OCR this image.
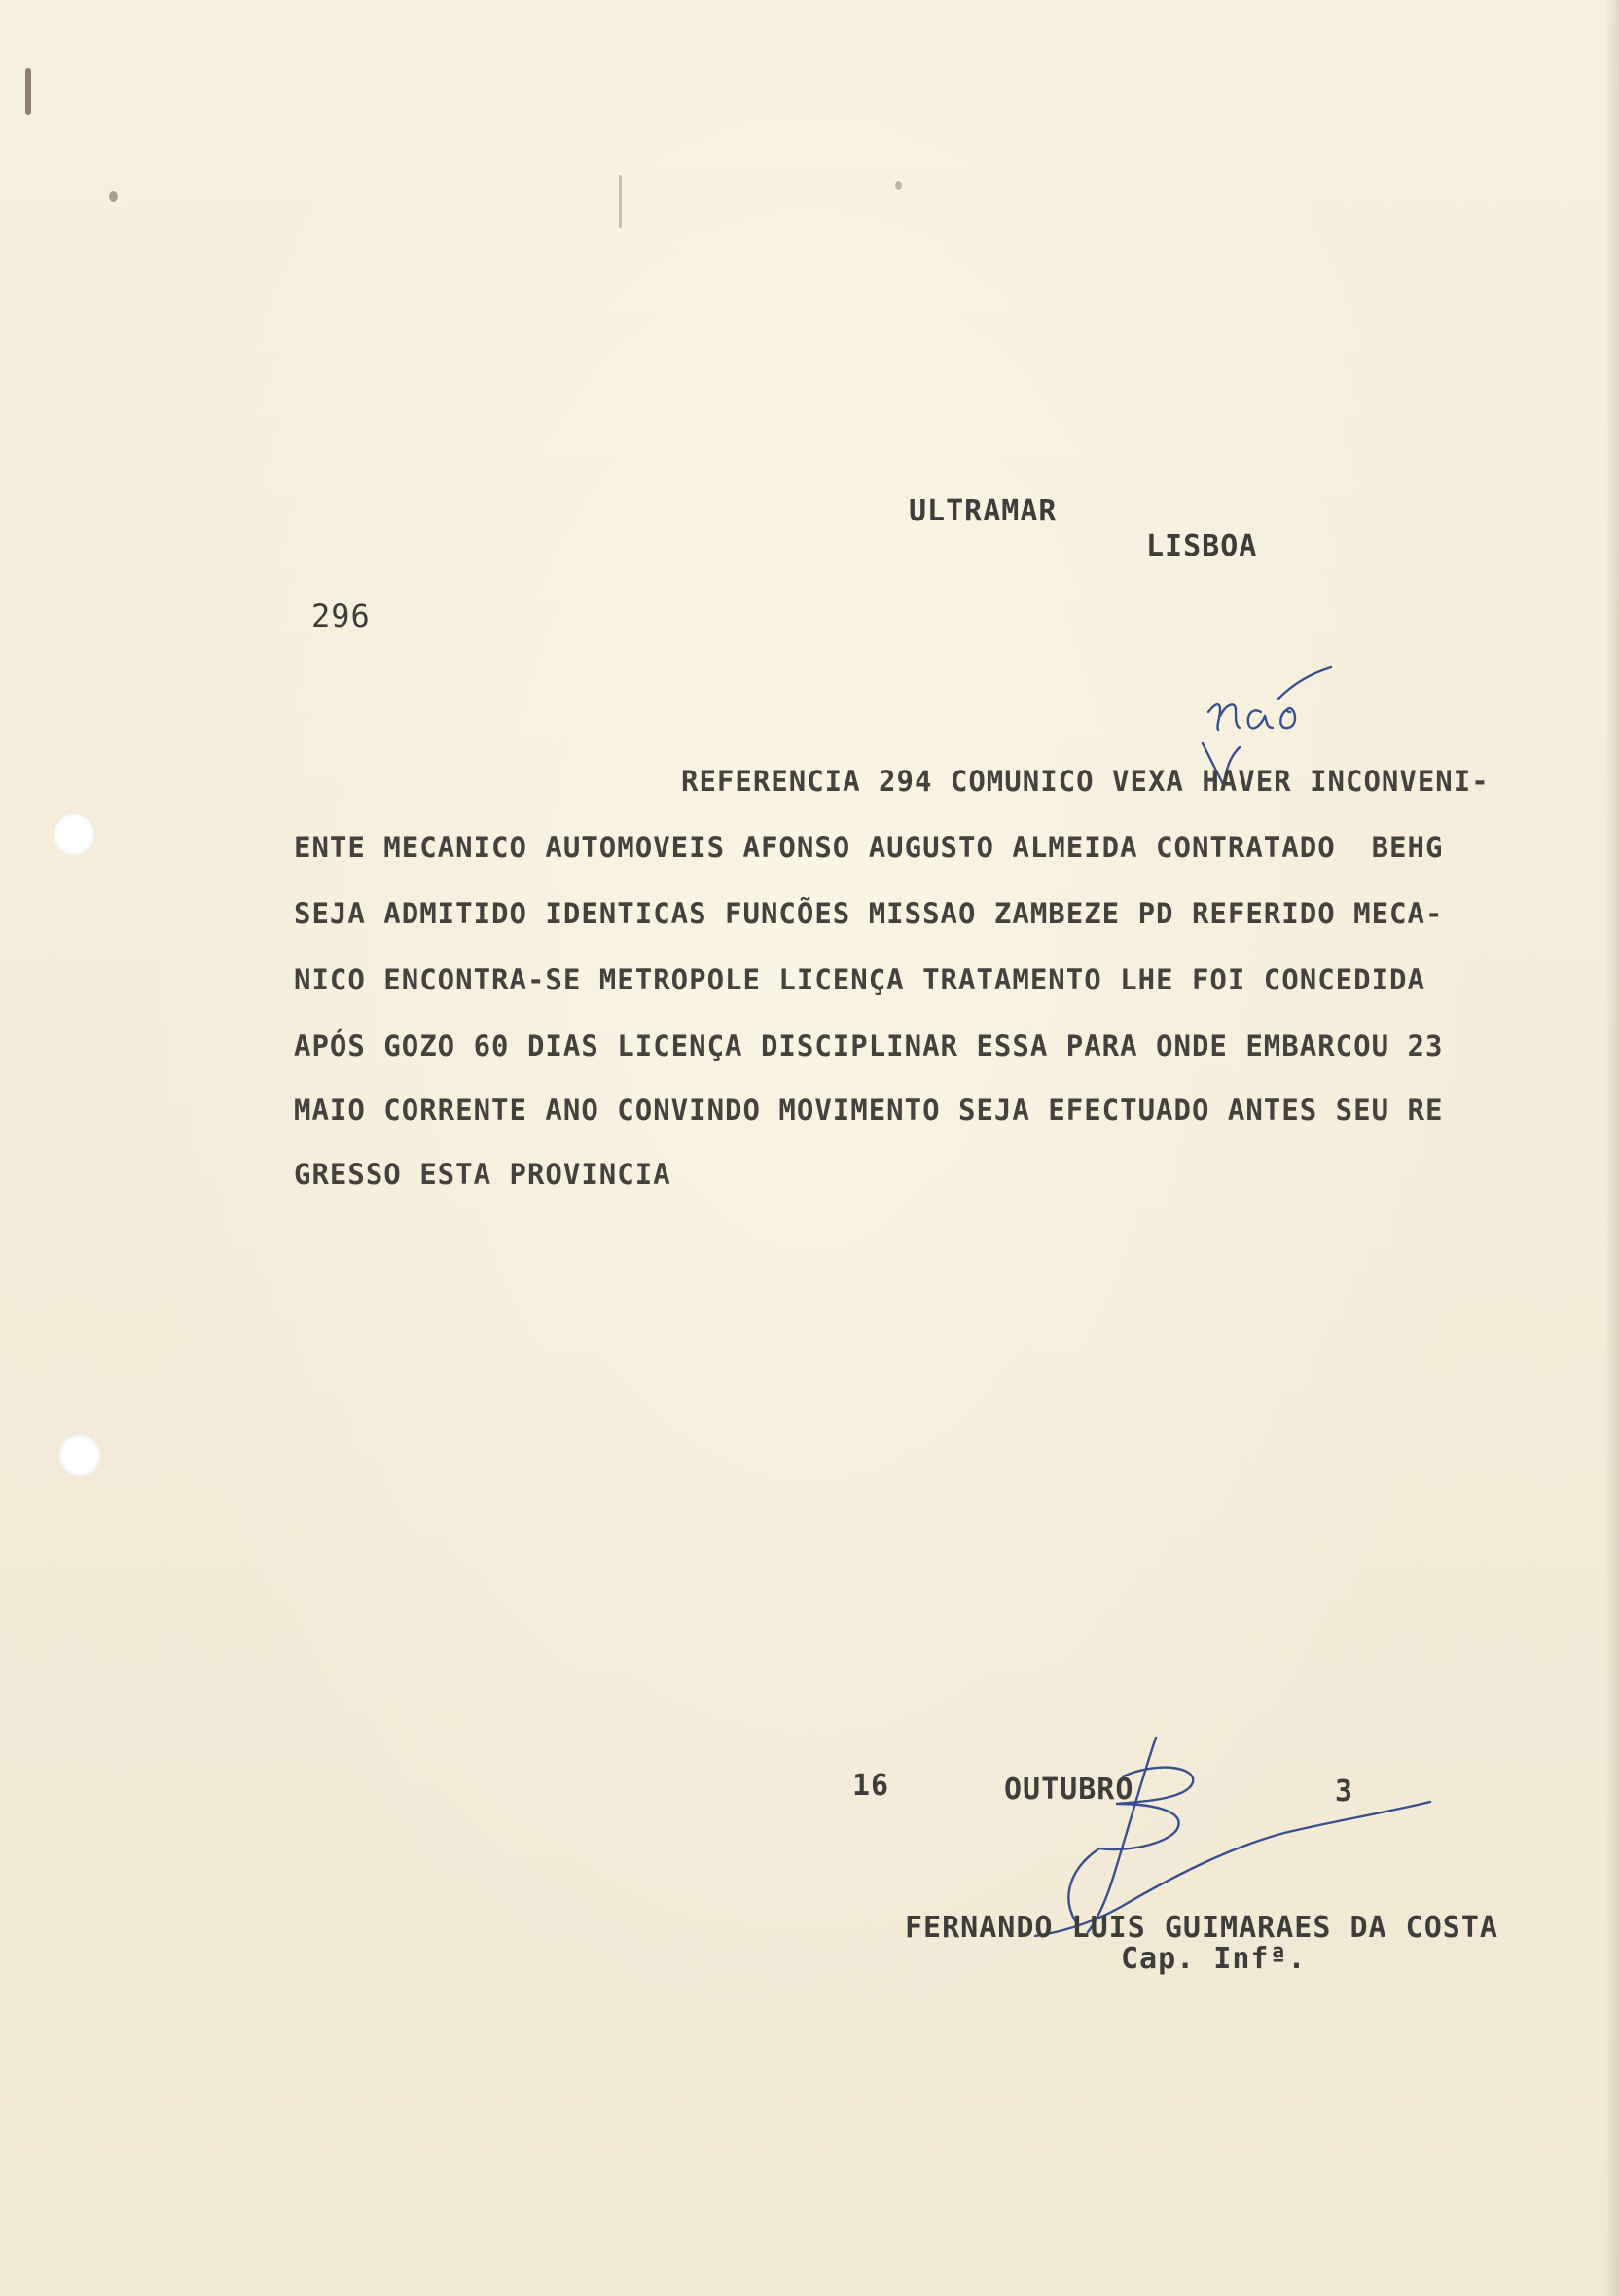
ULTRAMAR
LISBOA
296
REFERENCIA 294 COMUNICO VEXA HAVER INCONVENI-
ENTE MECANICO AUTOMOVEIS AFONSO AUGUSTO ALMEIDA CONTRATADO  BEHG
SEJA ADMITIDO IDENTICAS FUNCÕES MISSAO ZAMBEZE PD REFERIDO MECA-
NICO ENCONTRA-SE METROPOLE LICENÇA TRATAMENTO LHE FOI CONCEDIDA
APÓS GOZO 60 DIAS LICENÇA DISCIPLINAR ESSA PARA ONDE EMBARCOU 23
MAIO CORRENTE ANO CONVINDO MOVIMENTO SEJA EFECTUADO ANTES SEU RE
GRESSO ESTA PROVINCIA
16	OUTUBRO	3
FERNANDO LUIS GUIMARAES DA COSTA
Cap. Infª.
